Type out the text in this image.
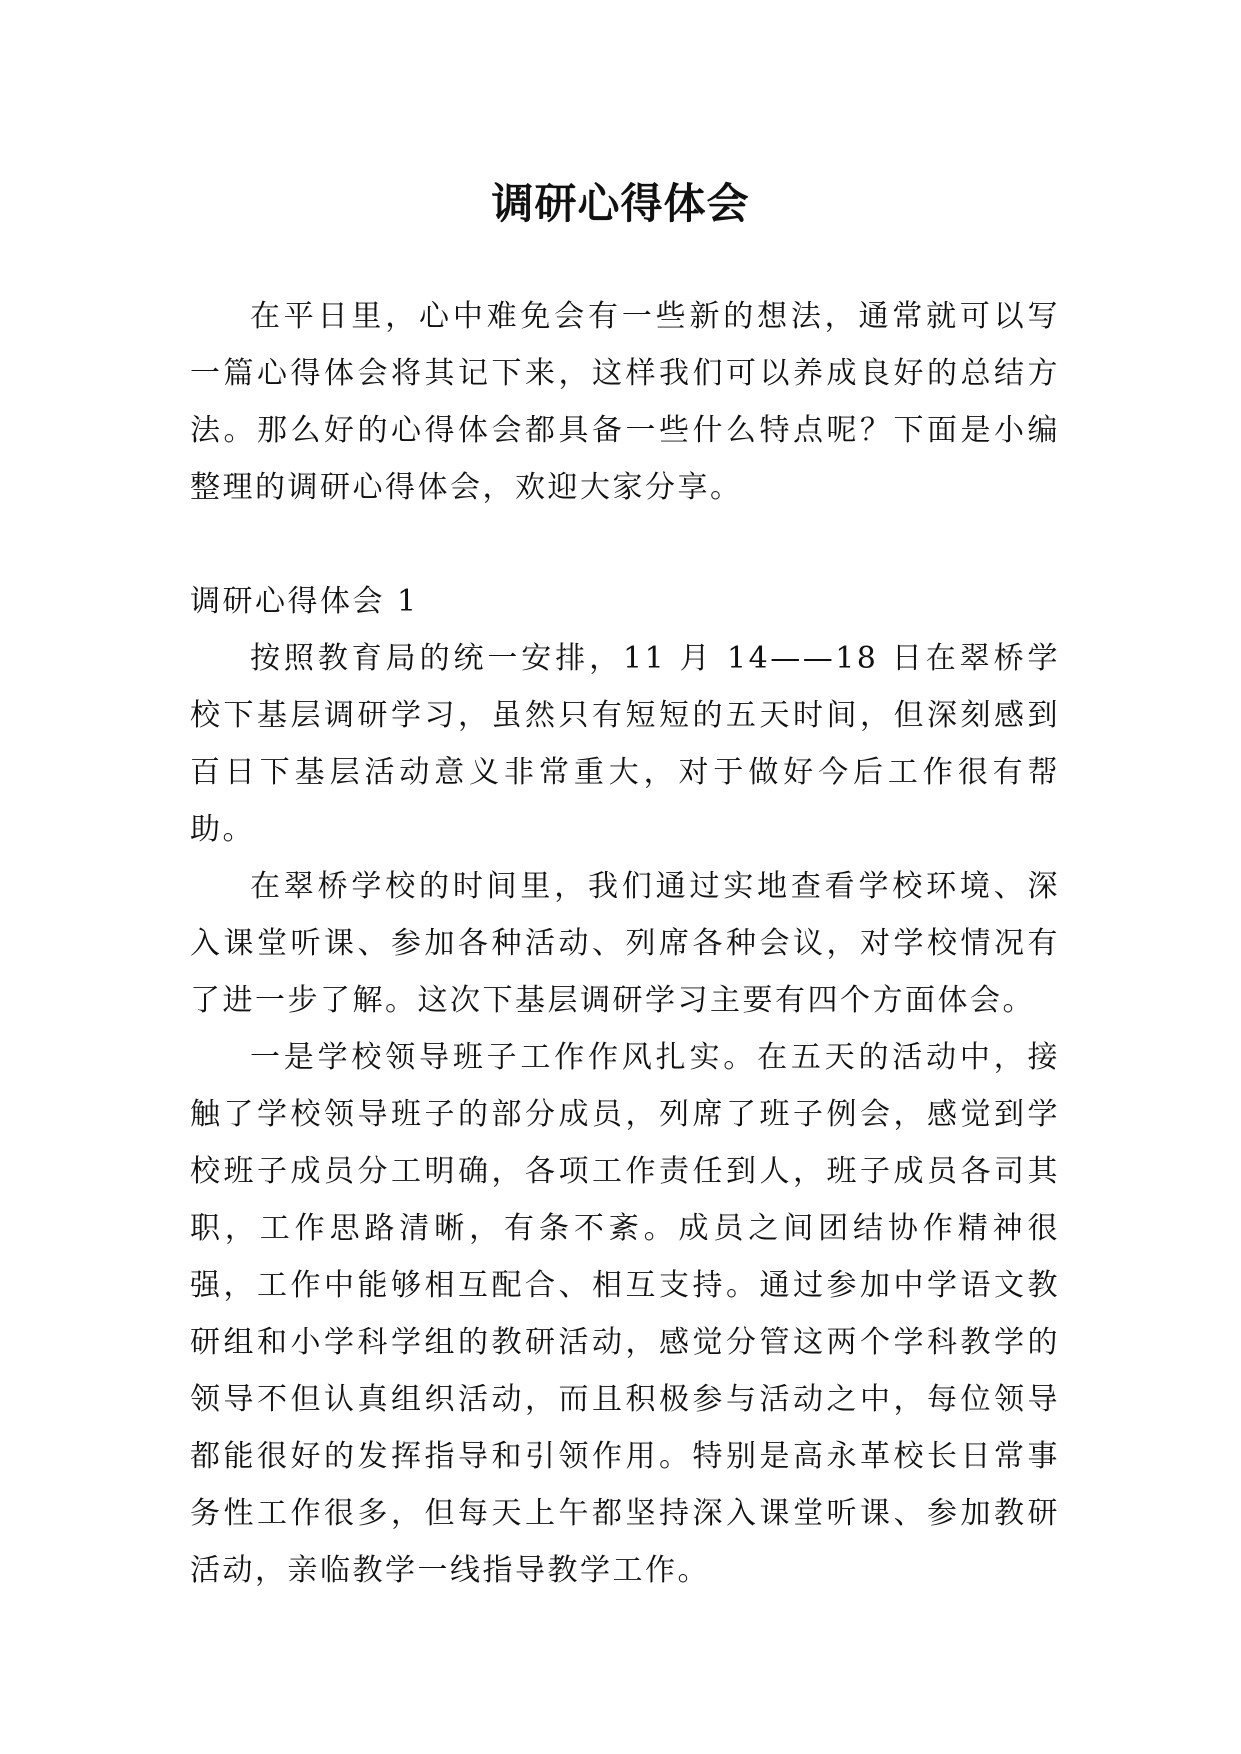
调研心得体会

在平日里，心中难免会有一些新的想法，通常就可以写一篇心得体会将其记下来，这样我们可以养成良好的总结方法。那么好的心得体会都具备一些什么特点呢？下面是小编整理的调研心得体会，欢迎大家分享。

调研心得体会 1

按照教育局的统一安排，11 月 14——18 日在翠桥学校下基层调研学习，虽然只有短短的五天时间，但深刻感到百日下基层活动意义非常重大，对于做好今后工作很有帮助。

在翠桥学校的时间里，我们通过实地查看学校环境、深入课堂听课、参加各种活动、列席各种会议，对学校情况有了进一步了解。这次下基层调研学习主要有四个方面体会。

一是学校领导班子工作作风扎实。在五天的活动中，接触了学校领导班子的部分成员，列席了班子例会，感觉到学校班子成员分工明确，各项工作责任到人，班子成员各司其职，工作思路清晰，有条不紊。成员之间团结协作精神很强，工作中能够相互配合、相互支持。通过参加中学语文教研组和小学科学组的教研活动，感觉分管这两个学科教学的领导不但认真组织活动，而且积极参与活动之中，每位领导都能很好的发挥指导和引领作用。特别是高永革校长日常事务性工作很多，但每天上午都坚持深入课堂听课、参加教研活动，亲临教学一线指导教学工作。
